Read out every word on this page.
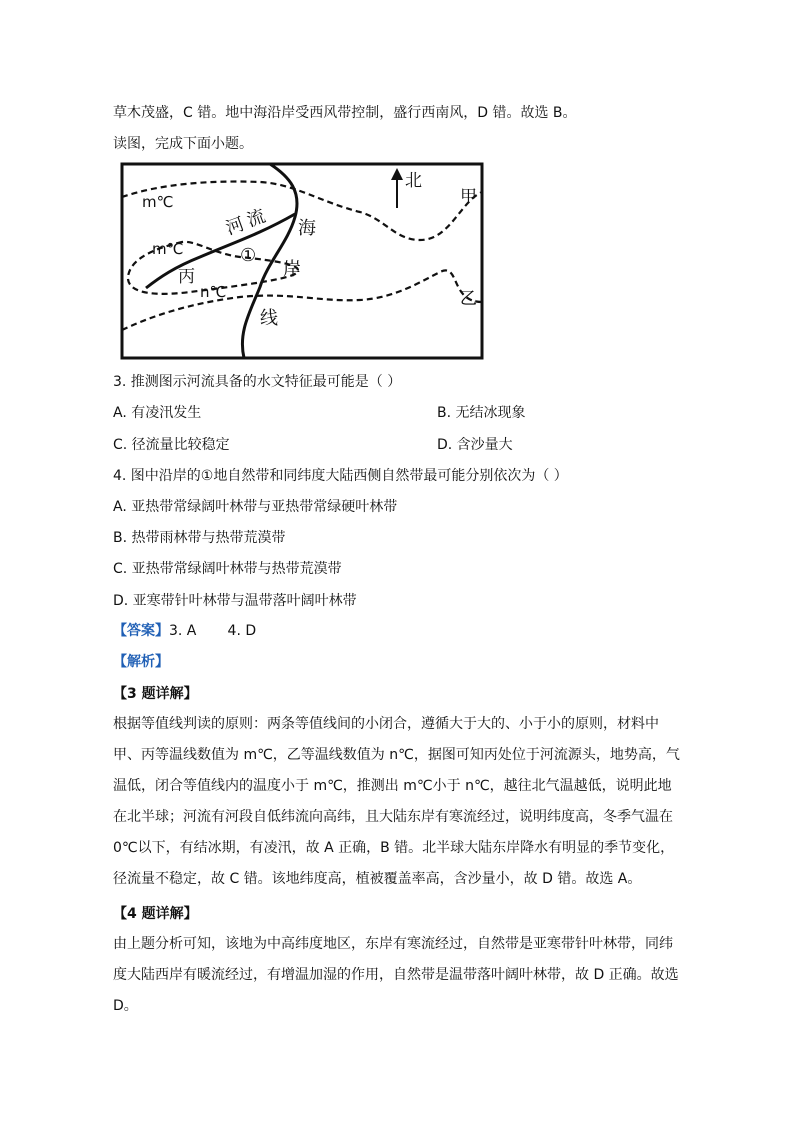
草木茂盛，C 错。地中海沿岸受西风带控制，盛行西南风，D 错。故选 B。
读图，完成下面小题。
北
m℃
m℃
n℃
甲
乙
丙
河
流
①
海
岸
线
3. 推测图示河流具备的水文特征最可能是（ ）
A. 有凌汛发生	B. 无结冰现象
C. 径流量比较稳定	D. 含沙量大
4. 图中沿岸的①地自然带和同纬度大陆西侧自然带最可能分别依次为（ ）
A. 亚热带常绿阔叶林带与亚热带常绿硬叶林带
B. 热带雨林带与热带荒漠带
C. 亚热带常绿阔叶林带与热带荒漠带
D. 亚寒带针叶林带与温带落叶阔叶林带
【答案】3. A       4. D
【解析】
【3 题详解】
根据等值线判读的原则：两条等值线间的小闭合，遵循大于大的、小于小的原则，材料中甲、丙等温线数值为 m℃，乙等温线数值为 n℃，据图可知丙处位于河流源头，地势高，气温低，闭合等值线内的温度小于 m℃，推测出 m℃小于 n℃，越往北气温越低，说明此地在北半球；河流有河段自低纬流向高纬，且大陆东岸有寒流经过，说明纬度高，冬季气温在 0℃以下，有结冰期，有凌汛，故 A 正确，B 错。北半球大陆东岸降水有明显的季节变化，径流量不稳定，故 C 错。该地纬度高，植被覆盖率高，含沙量小，故 D 错。故选 A。
【4 题详解】
由上题分析可知，该地为中高纬度地区，东岸有寒流经过，自然带是亚寒带针叶林带，同纬度大陆西岸有暖流经过，有增温加湿的作用，自然带是温带落叶阔叶林带，故 D 正确。故选 D。
